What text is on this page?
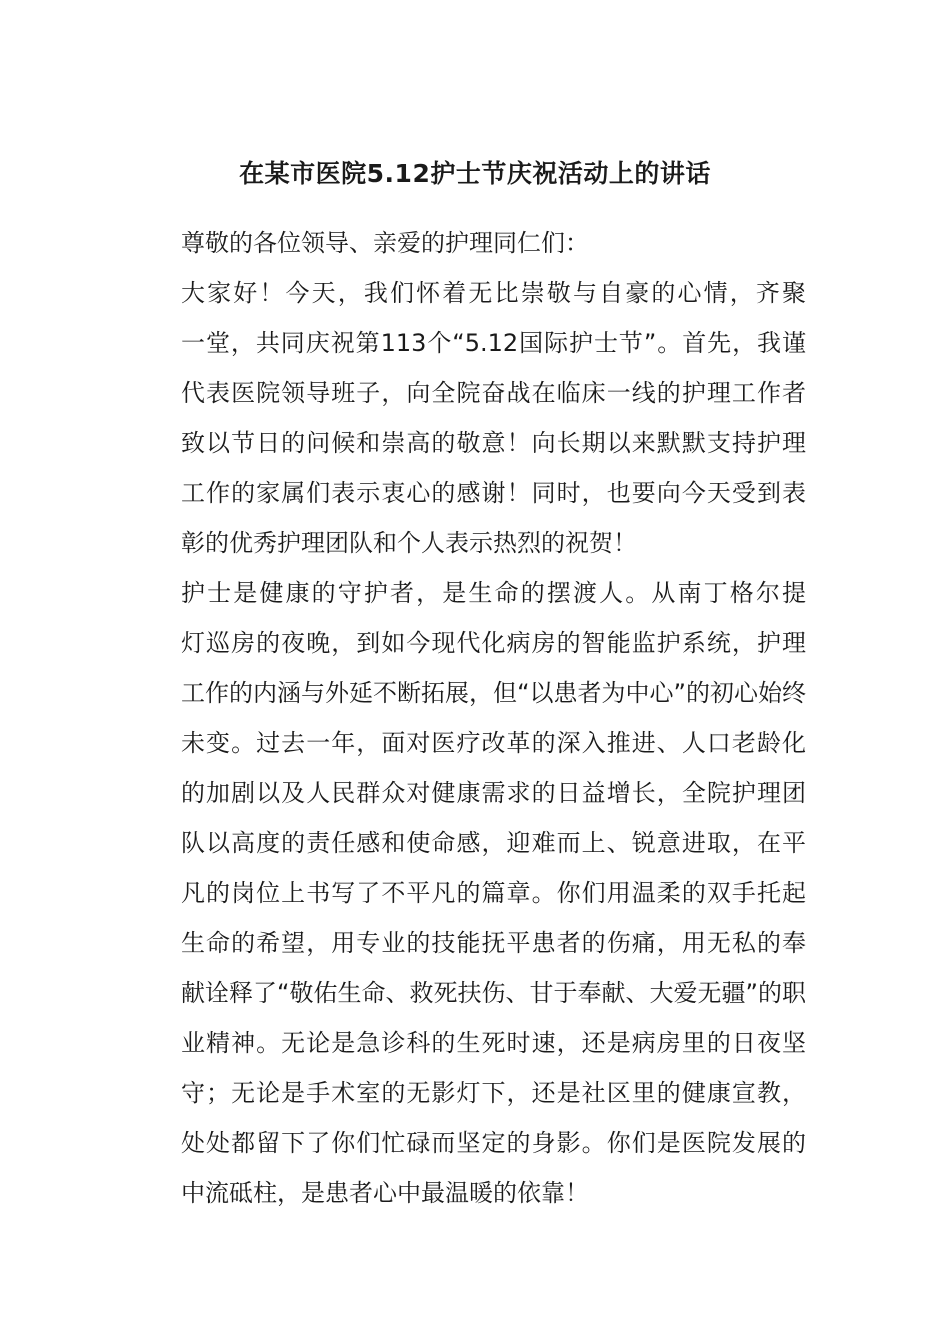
在某市医院5.12护士节庆祝活动上的讲话

尊敬的各位领导、亲爱的护理同仁们：

大家好！今天，我们怀着无比崇敬与自豪的心情，齐聚
一堂，共同庆祝第113个“5.12国际护士节”。首先，我谨
代表医院领导班子，向全院奋战在临床一线的护理工作者
致以节日的问候和崇高的敬意！向长期以来默默支持护理
工作的家属们表示衷心的感谢！同时，也要向今天受到表
彰的优秀护理团队和个人表示热烈的祝贺！

护士是健康的守护者，是生命的摆渡人。从南丁格尔提
灯巡房的夜晚，到如今现代化病房的智能监护系统，护理
工作的内涵与外延不断拓展，但“以患者为中心”的初心始终
未变。过去一年，面对医疗改革的深入推进、人口老龄化
的加剧以及人民群众对健康需求的日益增长，全院护理团
队以高度的责任感和使命感，迎难而上、锐意进取，在平
凡的岗位上书写了不平凡的篇章。你们用温柔的双手托起
生命的希望，用专业的技能抚平患者的伤痛，用无私的奉
献诠释了“敬佑生命、救死扶伤、甘于奉献、大爱无疆”的职
业精神。无论是急诊科的生死时速，还是病房里的日夜坚
守；无论是手术室的无影灯下，还是社区里的健康宣教，
处处都留下了你们忙碌而坚定的身影。你们是医院发展的
中流砥柱，是患者心中最温暖的依靠！
